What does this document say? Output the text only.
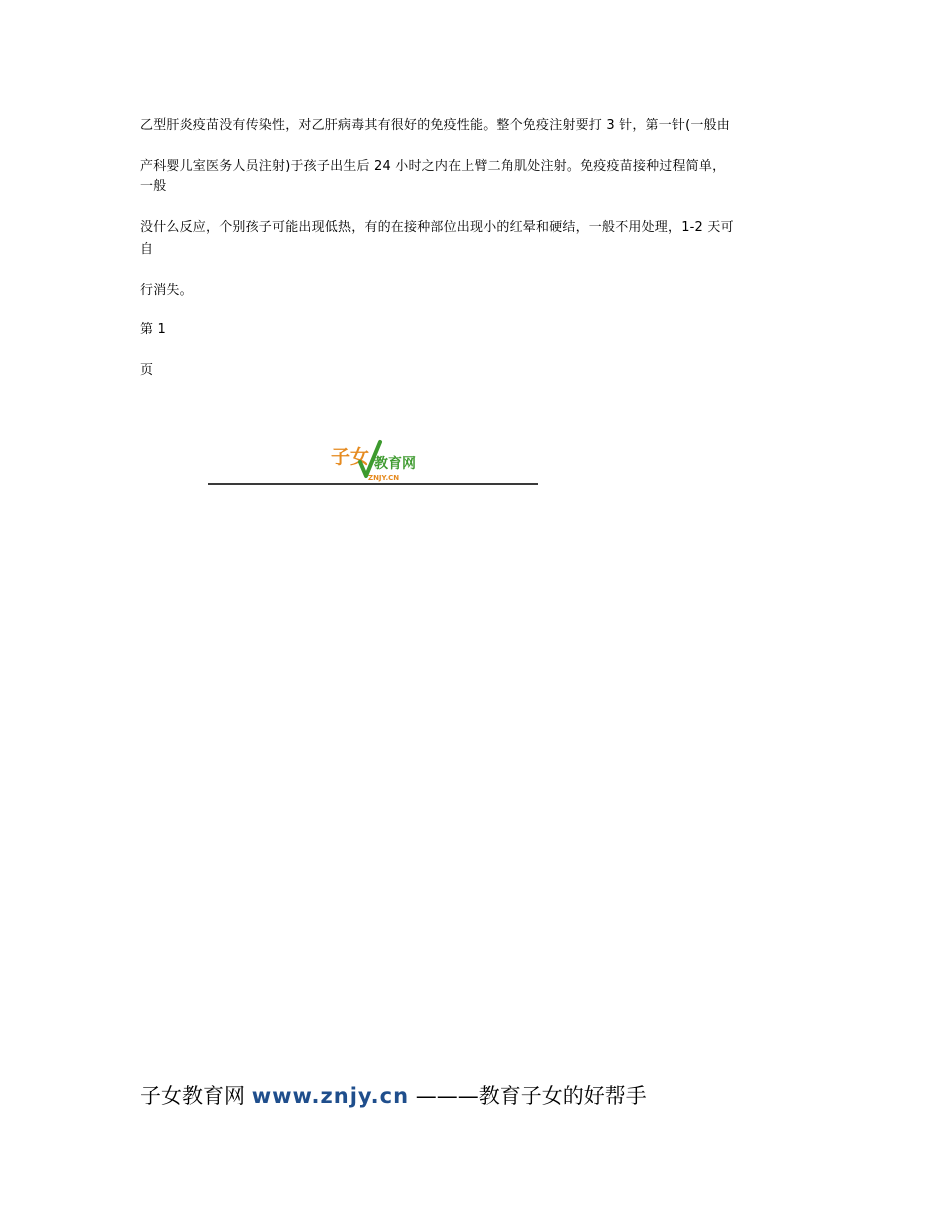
乙型肝炎疫苗没有传染性，对乙肝病毒其有很好的免疫性能。整个免疫注射要打 3 针，第一针(一般由
产科婴儿室医务人员注射)于孩子出生后 24 小时之内在上臂二角肌处注射。免疫疫苗接种过程简单，
一般
没什么反应，个别孩子可能出现低热，有的在接种部位出现小的红晕和硬结，一般不用处理，1-2 天可
自
行消失。
第 1
页
子女 教育网
ZNJY.CN
子女教育网 www.znjy.cn ———教育子女的好帮手
